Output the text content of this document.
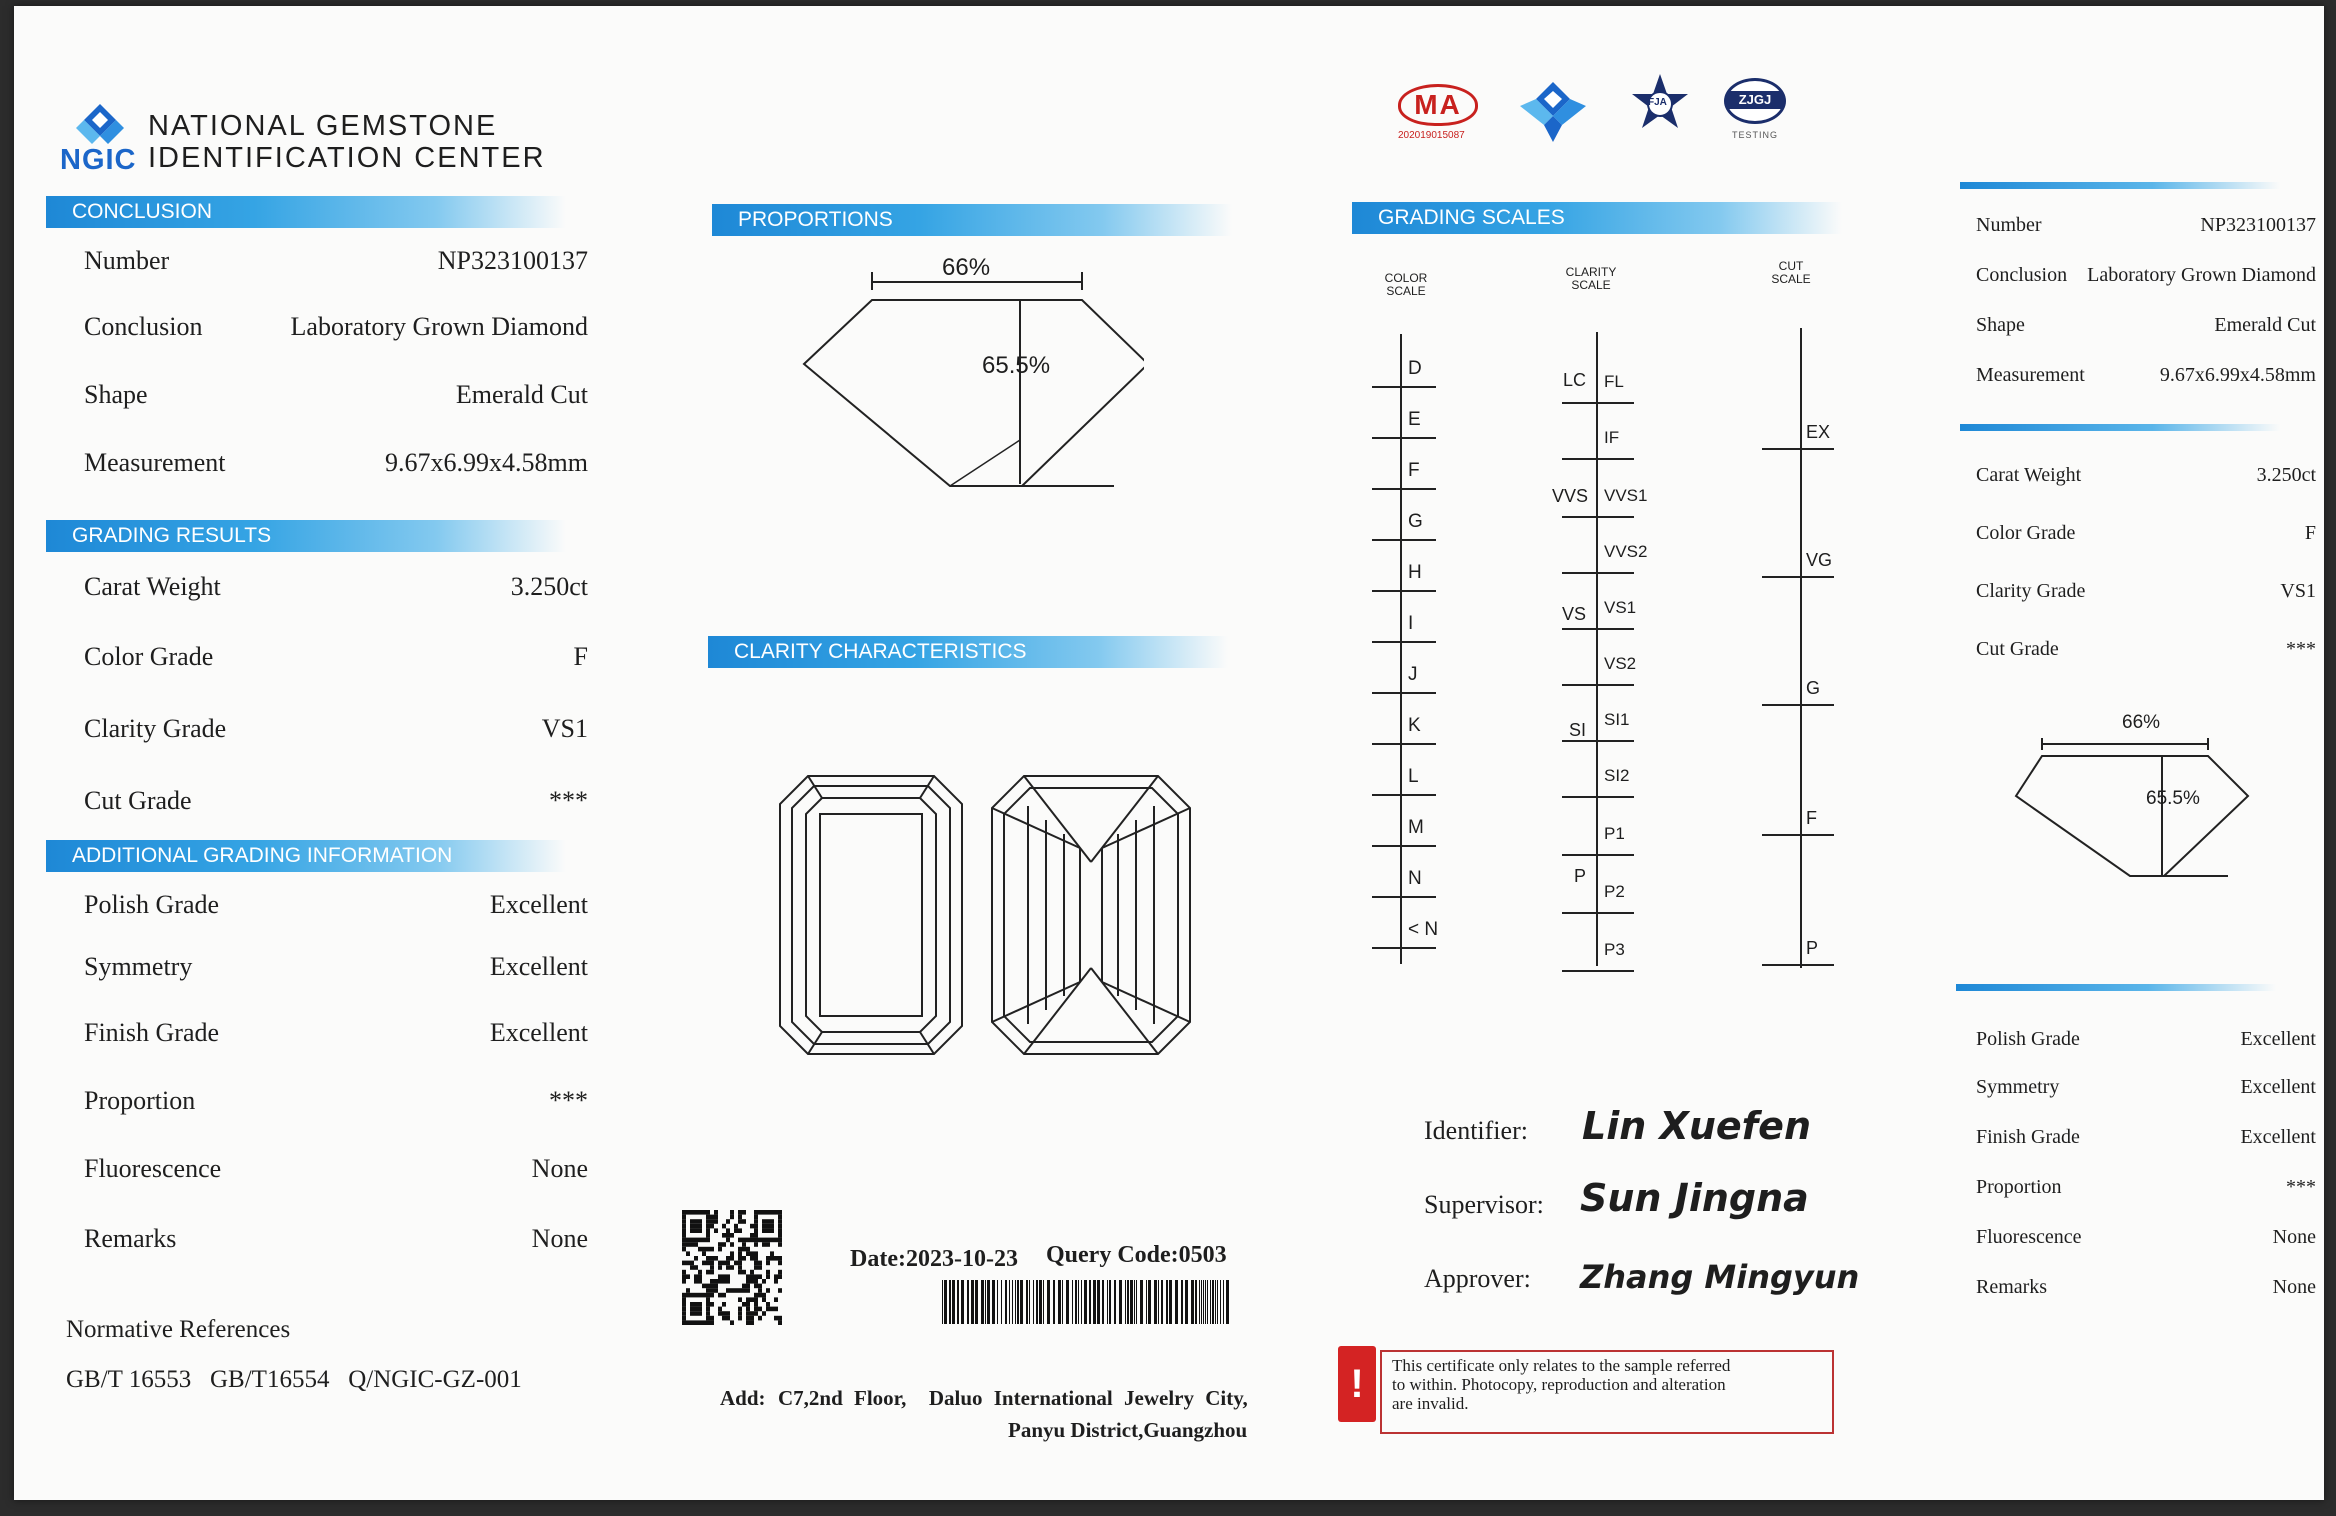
NGIC
NATIONAL GEMSTONE
IDENTIFICATION CENTER
CONCLUSION
Number	NP323100137
Conclusion	Laboratory Grown Diamond
Shape	Emerald Cut
Measurement	9.67x6.99x4.58mm
GRADING RESULTS
Carat Weight	3.250ct
Color Grade	F
Clarity Grade	VS1
Cut Grade	***
ADDITIONAL GRADING INFORMATION
Polish Grade	Excellent
Symmetry	Excellent
Finish Grade	Excellent
Proportion	***
Fluorescence	None
Remarks	None
Normative References
GB/T 16553   GB/T16554   Q/NGIC-GZ-001
PROPORTIONS
66%
65.5%
CLARITY CHARACTERISTICS
Date:2023-10-23 Query Code:0503
Add: C7,2nd Floor,  Daluo International Jewelry City,
Panyu District,Guangzhou
MA
202019015087
FJA	ZJGJ
TESTING
GRADING SCALES
COLOR
SCALE
CLARITY
SCALE
CUT
SCALE
D
E
F
G
H
I
J
K
L
M
N
< N
FL
IF
VVS1
VVS2
VS1
VS2
SI1
SI2
P1
P2
P3
LC
VVS
VS
SI
P
EX
VG
G
F
P
Identifier: Lin Xuefen
Supervisor: Sun Jingna
Approver: Zhang Mingyun
!	This certificate only relates to the sample referred
to within. Photocopy, reproduction and alteration
are invalid.
Number	NP323100137
Conclusion Laboratory Grown Diamond
Shape	Emerald Cut
Measurement	9.67x6.99x4.58mm
Carat Weight	3.250ct
Color Grade	F
Clarity Grade	VS1
Cut Grade	***
66%
65.5%
Polish Grade	Excellent
Symmetry	Excellent
Finish Grade	Excellent
Proportion	***
Fluorescence	None
Remarks	None
